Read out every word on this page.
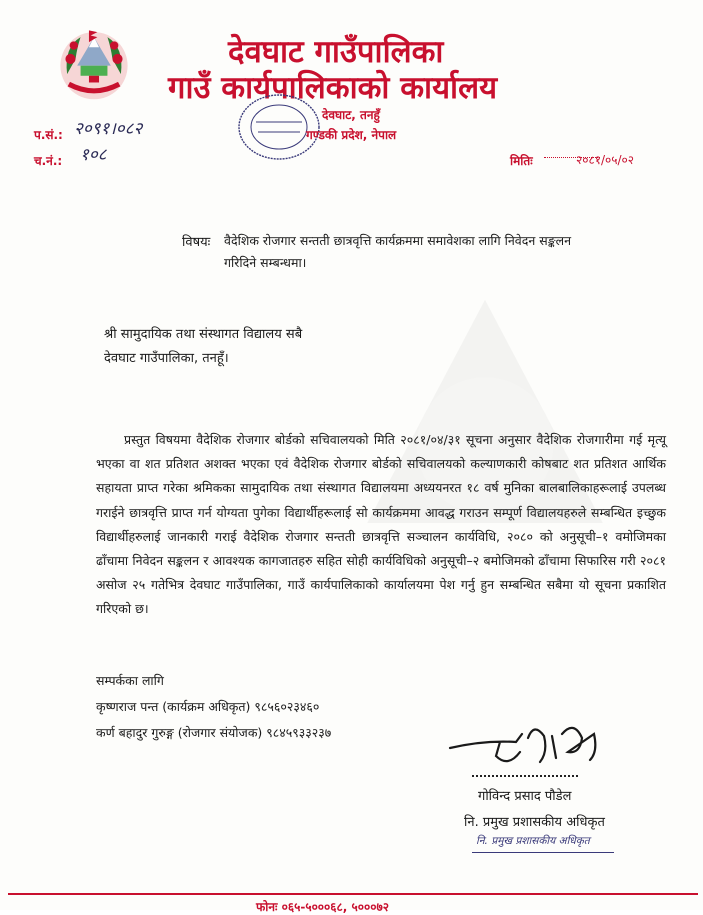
देवघाट गाउँपालिका
गाउँ कार्यपालिकाको कार्यालय
देवघाट, तनहुँ
गण्डकी प्रदेश, नेपाल
प.सं.: २०९१।०८२
च.नं.: १०८	मितिः	२०८१/०५/०२
विषयः वैदेशिक रोजगार सन्तती छात्रवृत्ति कार्यक्रममा समावेशका लागि निवेदन सङ्कलन
गरिदिने सम्बन्धमा।
श्री सामुदायिक तथा संस्थागत विद्यालय सबै
देवघाट गाउँपालिका, तनहूँ।
प्रस्तुत विषयमा वैदेशिक रोजगार बोर्डको सचिवालयको मिति २०८१/०४/३१ सूचना अनुसार वैदेशिक रोजगारीमा गई मृत्यू भएका वा शत प्रतिशत अशक्त भएका एवं वैदेशिक रोजगार बोर्डको सचिवालयको कल्याणकारी कोषबाट शत प्रतिशत आर्थिक सहायता प्राप्त गरेका श्रमिकका सामुदायिक तथा संस्थागत विद्यालयमा अध्ययनरत १८ वर्ष मुनिका बालबालिकाहरूलाई उपलब्ध गराईने छात्रवृत्ति प्राप्त गर्न योग्यता पुगेका विद्यार्थीहरूलाई सो कार्यक्रममा आवद्ध गराउन सम्पूर्ण विद्यालयहरुले सम्बन्धित इच्छुक विद्यार्थीहरुलाई जानकारी गराई वैदेशिक रोजगार सन्तती छात्रवृत्ति सञ्चालन कार्यविधि, २०८० को अनुसूची–१ वमोजिमका ढाँचामा निवेदन सङ्कलन र आवश्यक कागजातहरु सहित सोही कार्यविधिको अनुसूची–२ बमोजिमको ढाँचामा सिफारिस गरी २०८१ असोज २५ गतेभित्र देवघाट गाउँपालिका, गाउँ कार्यपालिकाको कार्यालयमा पेश गर्नु हुन सम्बन्धित सबैमा यो सूचना प्रकाशित गरिएको छ।
सम्पर्कका लागि
कृष्णराज पन्त (कार्यक्रम अधिकृत) ९८५६०२३४६०
कर्ण बहादुर गुरुङ्ग (रोजगार संयोजक) ९८४५९३३२३७
गोविन्द प्रसाद पौडेल
नि. प्रमुख प्रशासकीय अधिकृत
नि. प्रमुख प्रशासकीय अधिकृत
फोनः ०६५-५०००६८, ५०००७२
